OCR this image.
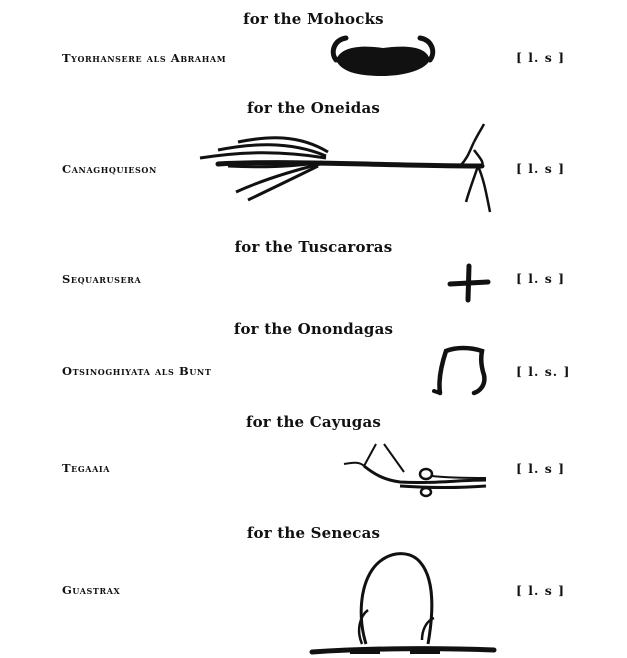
for the Mohocks
Tyorhansere als Abraham	[ l. s ]
for the Oneidas
Canaghquieson	[ l. s ]
for the Tuscaroras
Sequarusera	[ l. s ]
for the Onondagas
Otsinoghiyata als Bunt	[ l. s. ]
for the Cayugas
Tegaaia	[ l. s ]
for the Senecas
Guastrax	[ l. s ]
